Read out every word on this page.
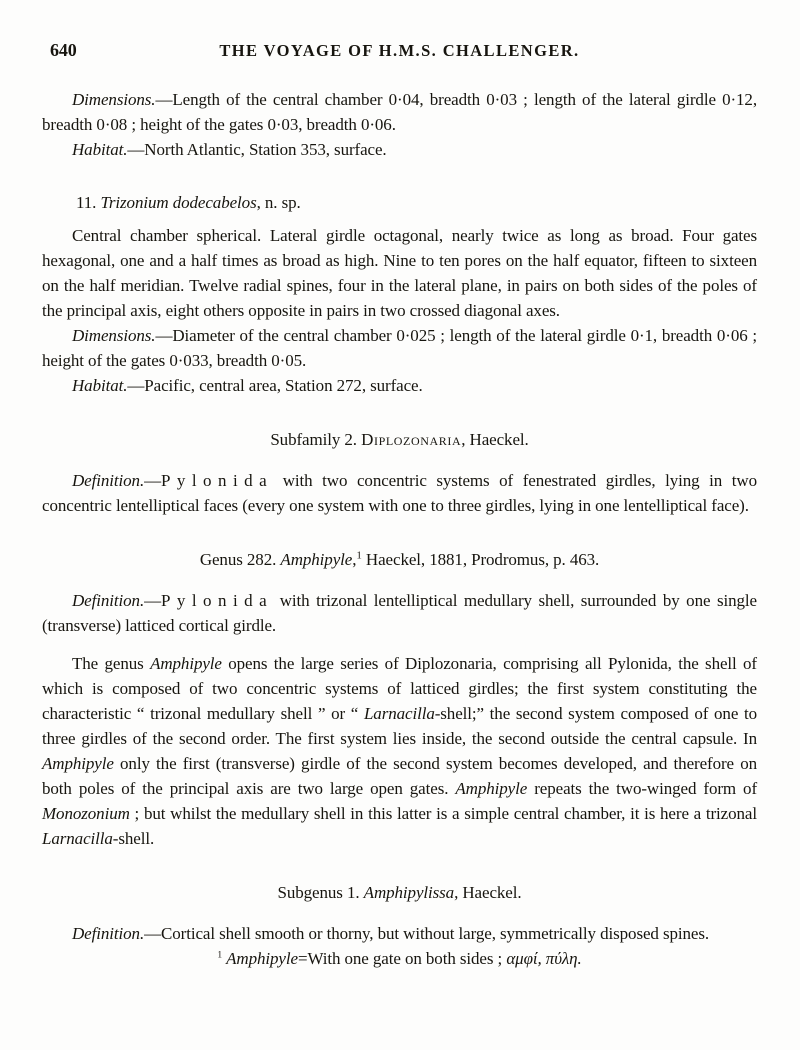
640	THE VOYAGE OF H.M.S. CHALLENGER.

Dimensions.—Length of the central chamber 0·04, breadth 0·03 ; length of the lateral girdle 0·12, breadth 0·08 ; height of the gates 0·03, breadth 0·06.

Habitat.—North Atlantic, Station 353, surface.

11. Trizonium dodecabelos, n. sp.

Central chamber spherical. Lateral girdle octagonal, nearly twice as long as broad. Four gates hexagonal, one and a half times as broad as high. Nine to ten pores on the half equator, fifteen to sixteen on the half meridian. Twelve radial spines, four in the lateral plane, in pairs on both sides of the poles of the principal axis, eight others opposite in pairs in two crossed diagonal axes.

Dimensions.—Diameter of the central chamber 0·025 ; length of the lateral girdle 0·1, breadth 0·06 ; height of the gates 0·033, breadth 0·05.

Habitat.—Pacific, central area, Station 272, surface.

Subfamily 2. Diplozonaria, Haeckel.

Definition.—Pylonida with two concentric systems of fenestrated girdles, lying in two concentric lentelliptical faces (every one system with one to three girdles, lying in one lentelliptical face).

Genus 282. Amphipyle,$^1$ Haeckel, 1881, Prodromus, p. 463.

Definition.—Pylonida with trizonal lentelliptical medullary shell, surrounded by one single (transverse) latticed cortical girdle.

The genus Amphipyle opens the large series of Diplozonaria, comprising all Pylonida, the shell of which is composed of two concentric systems of latticed girdles; the first system constituting the characteristic “ trizonal medullary shell ” or “ Larnacilla-shell;” the second system composed of one to three girdles of the second order. The first system lies inside, the second outside the central capsule. In Amphipyle only the first (transverse) girdle of the second system becomes developed, and therefore on both poles of the principal axis are two large open gates. Amphipyle repeats the two-winged form of Monozonium ; but whilst the medullary shell in this latter is a simple central chamber, it is here a trizonal Larnacilla-shell.

Subgenus 1. Amphipylissa, Haeckel.

Definition.—Cortical shell smooth or thorny, but without large, symmetrically disposed spines.

$^1$ Amphipyle=With one gate on both sides ; αμφί, πύλη.
